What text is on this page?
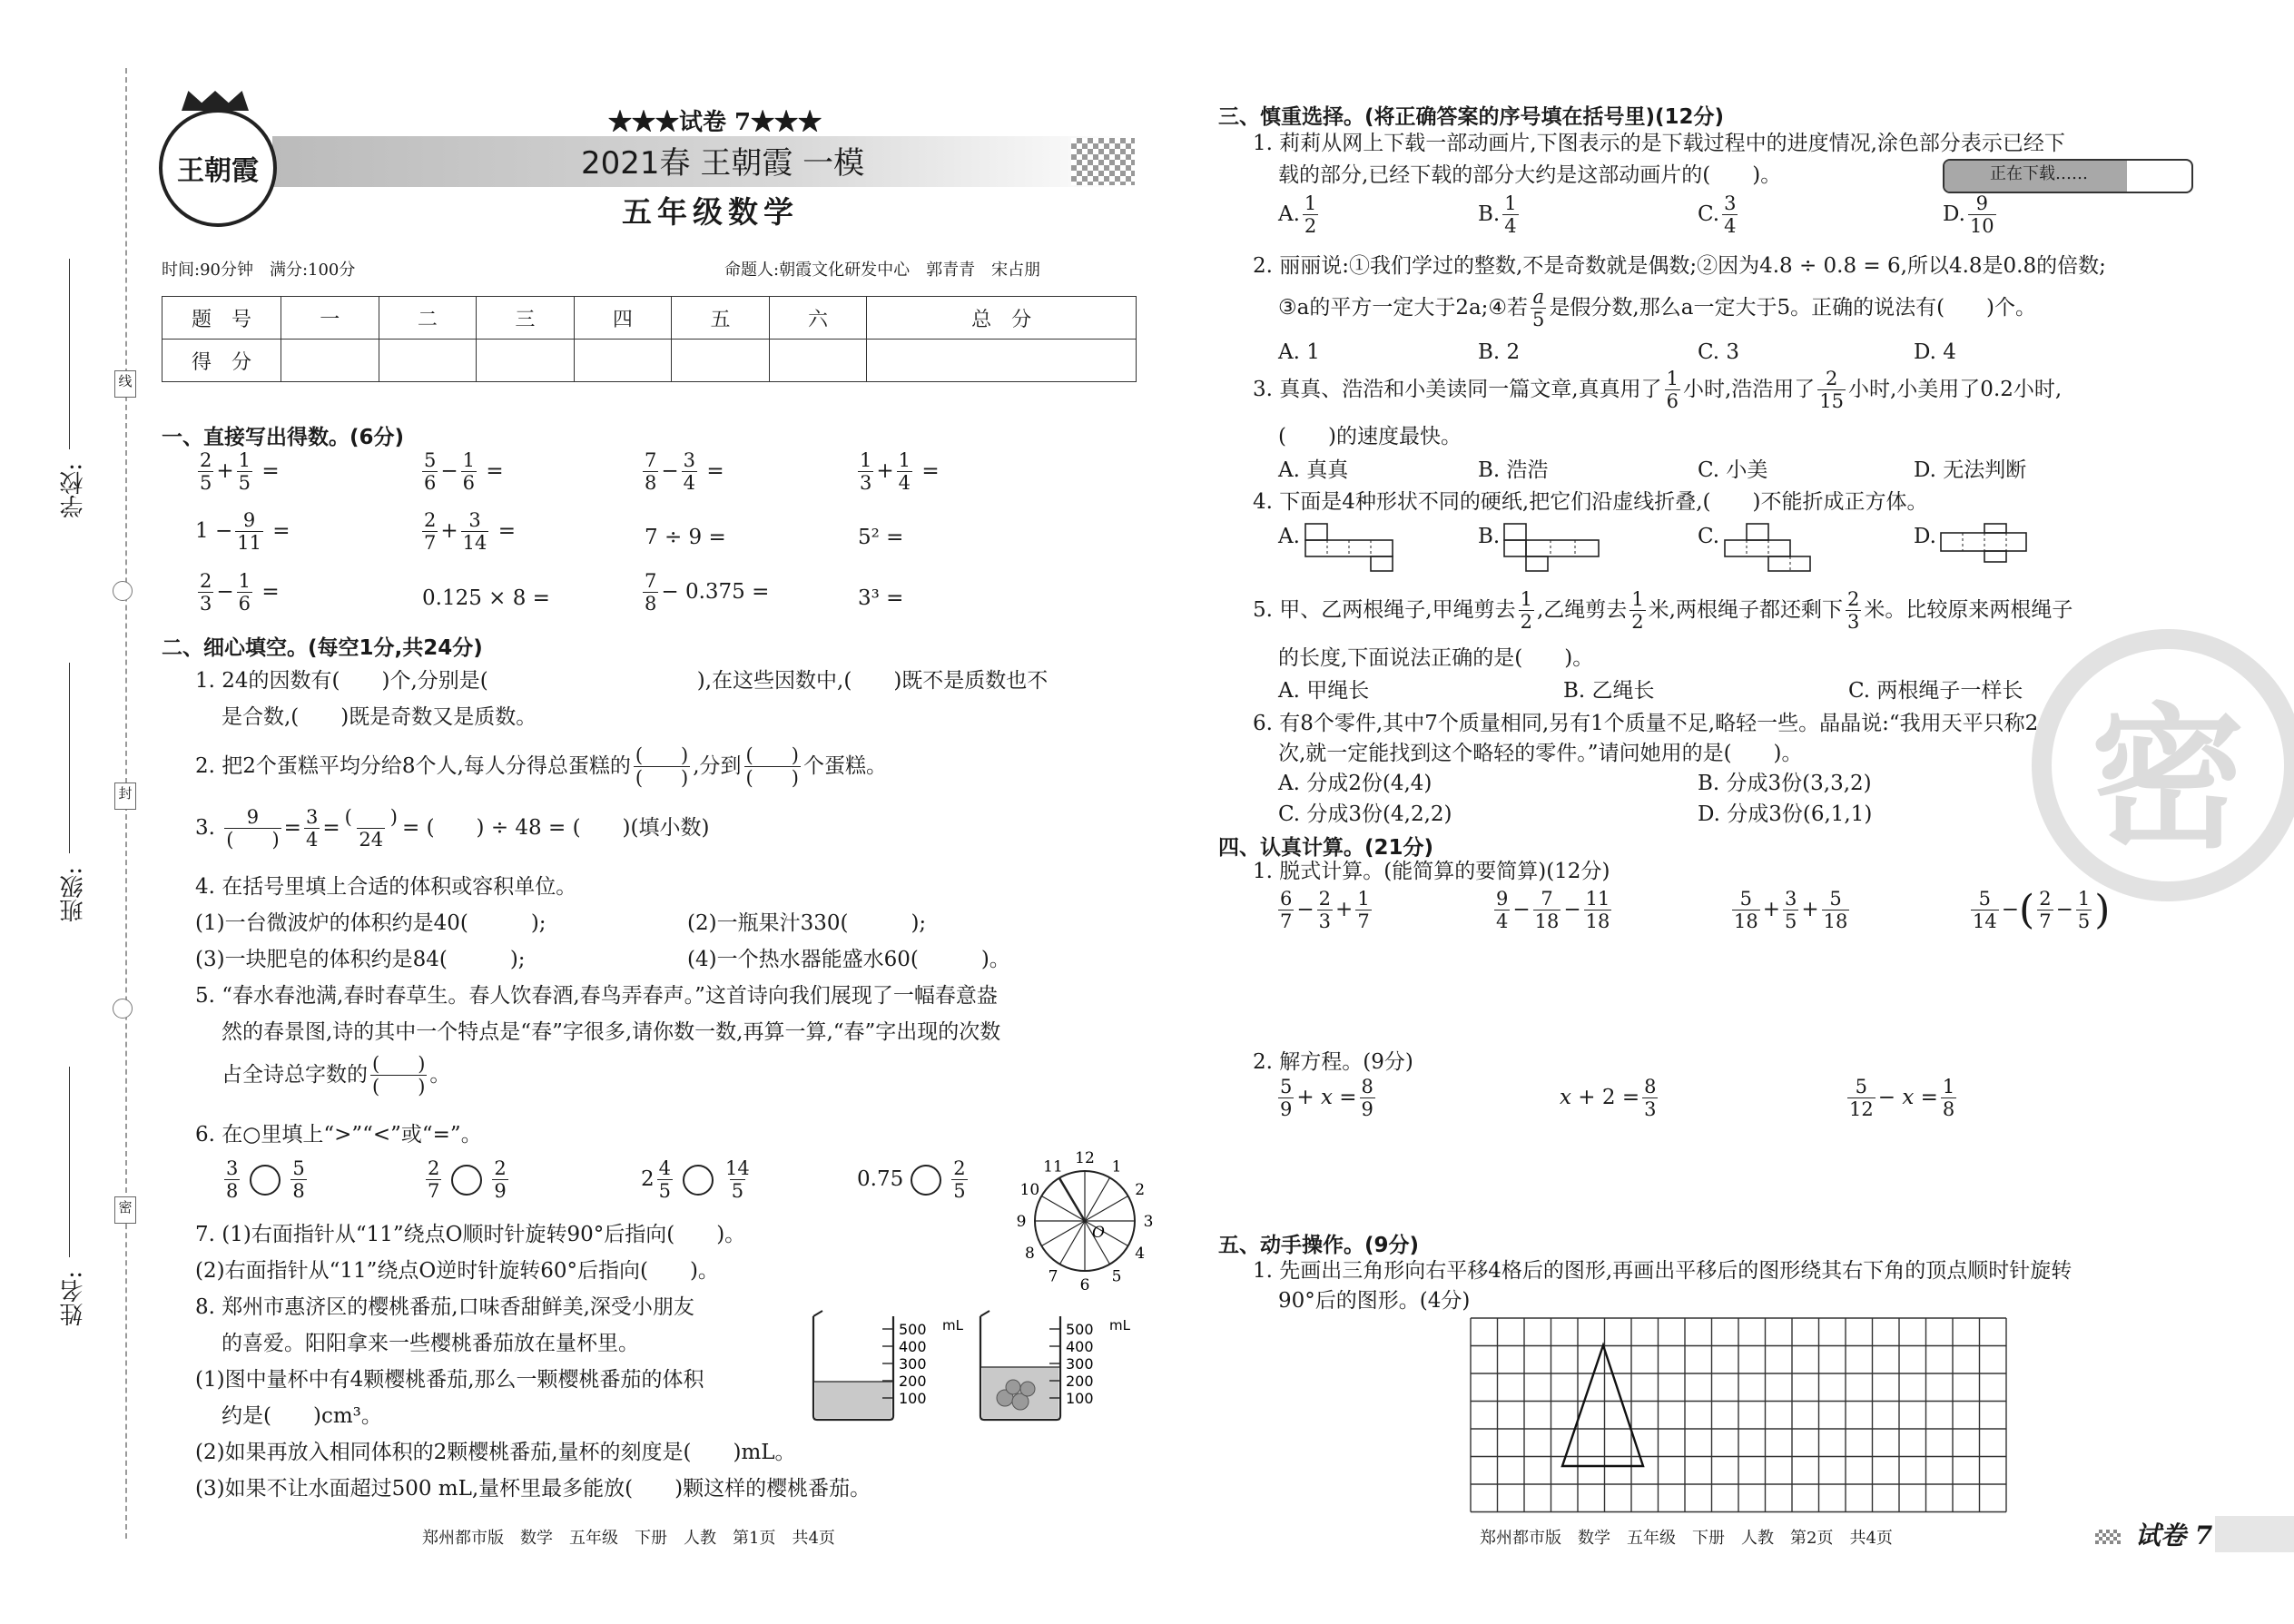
学校:
班级:
姓名:
线
封
密
王朝霞
★★★试卷 7★★★
2021春 王朝霞 一模
五年级数学
时间:90分钟　满分:100分	命题人:朝霞文化研发中心　郭青青　宋占朋
题　号	一	二	三	四	五	六	总　分
得　分							
一、直接写出得数。(6分)
$\frac{2}{5} + \frac{1}{5}$ =	$\frac{5}{6} - \frac{1}{6}$ =	$\frac{7}{8} - \frac{3}{4}$ =	$\frac{1}{3} + \frac{1}{4}$ =
$1 - \frac{9}{11}$ =	$\frac{2}{7} + \frac{3}{14}$ =	7 ÷ 9 =	5² =
$\frac{2}{3} - \frac{1}{6}$ =	0.125 × 8 =	$\frac{7}{8} - 0.375$ =	3³ =
二、细心填空。(每空1分,共24分)
1. 24的因数有(　　)个,分别是(　　　　　　　　　　),在这些因数中,(　　)既不是质数也不
是合数,(　　)既是奇数又是质数。
2. 把2个蛋糕平均分给8个人,每人分得总蛋糕的 $\frac{( )}{( )}$ ,分到 $\frac{( )}{( )}$ 个蛋糕。
3. $\frac{9}{( )} = \frac{3}{4} = \frac{( )}{24}$ = (　　) ÷ 48 = (　　)(填小数)
4. 在括号里填上合适的体积或容积单位。
(1)一台微波炉的体积约是40(　　　);	(2)一瓶果汁330(　　　);
(3)一块肥皂的体积约是84(　　　);	(4)一个热水器能盛水60(　　　)。
5. “春水春池满,春时春草生。春人饮春酒,春鸟弄春声。”这首诗向我们展现了一幅春意盎
然的春景图,诗的其中一个特点是“春”字很多,请你数一数,再算一算,“春”字出现的次数
占全诗总字数的 $\frac{( )}{( )}$ 。
6. 在○里填上“>”“<”或“=”。
$\frac{3}{8}$	$\frac{5}{8}$	$\frac{2}{7}$	$\frac{2}{9}$	$2 \frac{4}{5}$	$\frac{14}{5}$	0.75	$\frac{2}{5}$	12 1
2
3
4
5
6
7
8
9
10
11
O
7. (1)右面指针从“11”绕点O顺时针旋转90°后指向(　　)。
(2)右面指针从“11”绕点O逆时针旋转60°后指向(　　)。
8. 郑州市惠济区的樱桃番茄,口味香甜鲜美,深受小朋友
的喜爱。阳阳拿来一些樱桃番茄放在量杯里。
(1)图中量杯中有4颗樱桃番茄,那么一颗樱桃番茄的体积
约是(　　)cm³。
(2)如果再放入相同体积的2颗樱桃番茄,量杯的刻度是(　　)mL。
(3)如果不让水面超过500 mL,量杯里最多能放(　　)颗这样的樱桃番茄。
500
400
300
200
100
mL	500
400
300
200
100
mL
郑州都市版　数学　五年级　下册　人教　第1页　共4页
三、慎重选择。(将正确答案的序号填在括号里)(12分)
1. 莉莉从网上下载一部动画片,下图表示的是下载过程中的进度情况,涂色部分表示已经下
载的部分,已经下载的部分大约是这部动画片的(　　)。	正在下载……
A. $\frac{1}{2}$	B. $\frac{1}{4}$	C. $\frac{3}{4}$	D. $\frac{9}{10}$
2. 丽丽说:①我们学过的整数,不是奇数就是偶数;②因为4.8 ÷ 0.8 = 6,所以4.8是0.8的倍数;
③a的平方一定大于2a;④若 $\frac{a}{5}$ 是假分数,那么a一定大于5。正确的说法有(　　)个。
A. 1	B. 2	C. 3	D. 4
3. 真真、浩浩和小美读同一篇文章,真真用了 $\frac{1}{6}$ 小时,浩浩用了 $\frac{2}{15}$ 小时,小美用了0.2小时,
(　　)的速度最快。
A. 真真	B. 浩浩	C. 小美	D. 无法判断
4. 下面是4种形状不同的硬纸,把它们沿虚线折叠,(　　)不能折成正方体。
A.	B.	C.	D.
5. 甲、乙两根绳子,甲绳剪去 $\frac{1}{2}$ ,乙绳剪去 $\frac{1}{2}$ 米,两根绳子都还剩下 $\frac{2}{3}$ 米。比较原来两根绳子
的长度,下面说法正确的是(　　)。
A. 甲绳长	B. 乙绳长	C. 两根绳子一样长
6. 有8个零件,其中7个质量相同,另有1个质量不足,略轻一些。晶晶说:“我用天平只称2
次,就一定能找到这个略轻的零件。”请问她用的是(　　)。
A. 分成2份(4,4)	B. 分成3份(3,3,2)
C. 分成3份(4,2,2)	D. 分成3份(6,1,1)
四、认真计算。(21分)
1. 脱式计算。(能简算的要简算)(12分)
$\frac{6}{7} - \frac{2}{3} + \frac{1}{7}$	$\frac{9}{4} - \frac{7}{18} - \frac{11}{18}$	$\frac{5}{18} + \frac{3}{5} + \frac{5}{18}$	$\frac{5}{14}$ − ( $\frac{2}{7} - \frac{1}{5}$ )
2. 解方程。(9分)
$\frac{5}{9} + x = \frac{8}{9}$	$x + 2 = \frac{8}{3}$	$\frac{5}{12} - x = \frac{1}{8}$
五、动手操作。(9分)
1. 先画出三角形向右平移4格后的图形,再画出平移后的图形绕其右下角的顶点顺时针旋转
90°后的图形。(4分)
密
郑州都市版　数学　五年级　下册　人教　第2页　共4页	试卷 7
